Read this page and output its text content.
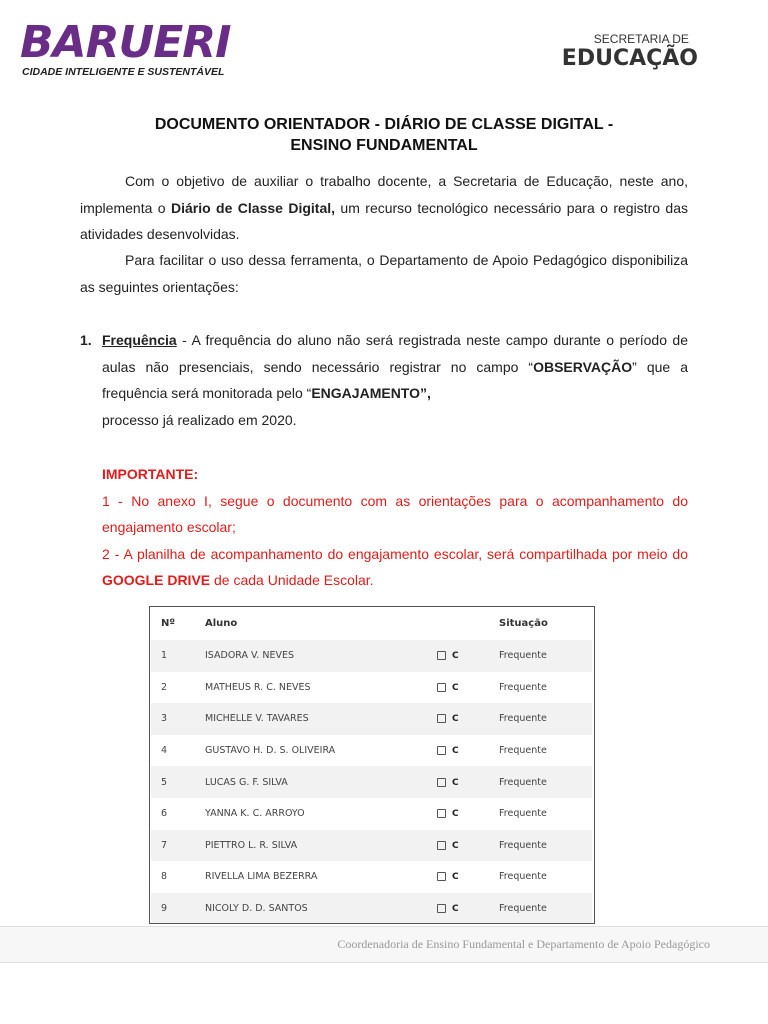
BARUERI
CIDADE INTELIGENTE E SUSTENTÁVEL
SECRETARIA DE
EDUCAÇÃO
DOCUMENTO ORIENTADOR - DIÁRIO DE CLASSE DIGITAL -
ENSINO FUNDAMENTAL
Com o objetivo de auxiliar o trabalho docente, a Secretaria de Educação, neste ano, implementa o Diário de Classe Digital, um recurso tecnológico necessário para o registro das atividades desenvolvidas.
Para facilitar o uso dessa ferramenta, o Departamento de Apoio Pedagógico disponibiliza as seguintes orientações:
1. Frequência - A frequência do aluno não será registrada neste campo durante o período de aulas não presenciais, sendo necessário registrar no campo “OBSERVAÇÃO” que a frequência será monitorada pelo “ENGAJAMENTO”,
processo já realizado em 2020.
IMPORTANTE:
1 - No anexo I, segue o documento com as orientações para o acompanhamento do engajamento escolar;
2 - A planilha de acompanhamento do engajamento escolar, será compartilhada por meio do GOOGLE DRIVE de cada Unidade Escolar.
Nº	Aluno		Situação
1	ISADORA V. NEVES	C	Frequente
2	MATHEUS R. C. NEVES	C	Frequente
3	MICHELLE V. TAVARES	C	Frequente
4	GUSTAVO H. D. S. OLIVEIRA	C	Frequente
5	LUCAS G. F. SILVA	C	Frequente
6	YANNA K. C. ARROYO	C	Frequente
7	PIETTRO L. R. SILVA	C	Frequente
8	RIVELLA LIMA BEZERRA	C	Frequente
9	NICOLY D. D. SANTOS	C	Frequente
Coordenadoria de Ensino Fundamental e Departamento de Apoio Pedagógico
